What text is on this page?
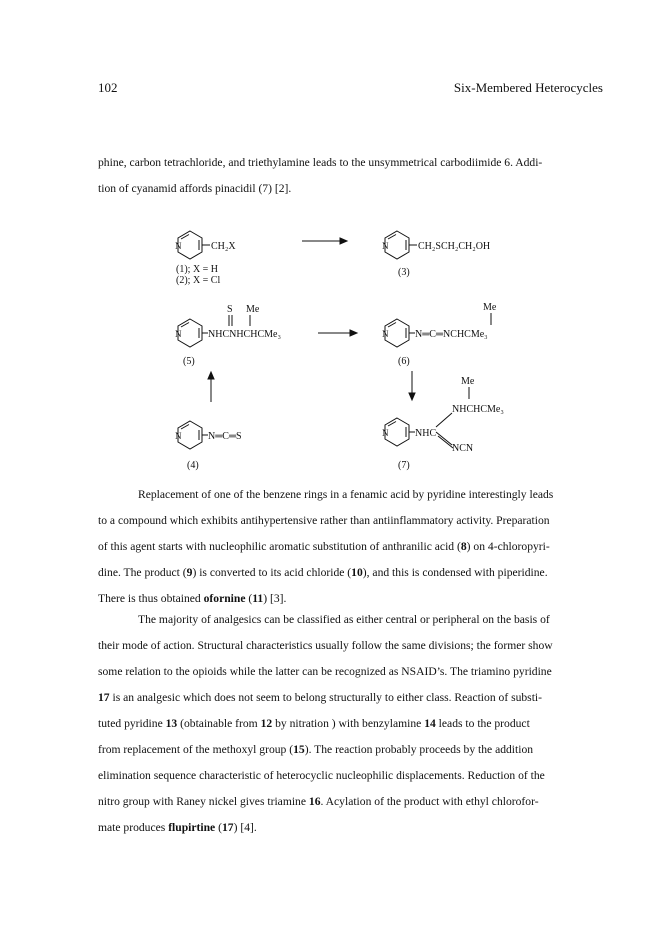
102	Six-Membered Heterocycles

phine, carbon tetrachloride, and triethylamine leads to the unsymmetrical carbodiimide 6. Addi-
tion of cyanamid affords pinacidil (7) [2].

N	CH₂X
(1); X = H
(2); X = Cl
N	CH₂SCH₂CH₂OH
(3)
S Me
N	NHCNHCHCMe₃
(5)
Me
N	N═C═NCHCMe₃
(6)
N	N═C═S
(4)
Me
NHCHCMe₃
N	NHC
NCN
(7)

Replacement of one of the benzene rings in a fenamic acid by pyridine interestingly leads
to a compound which exhibits antihypertensive rather than antiinflammatory activity. Preparation
of this agent starts with nucleophilic aromatic substitution of anthranilic acid (8) on 4-chloropyri-
dine. The product (9) is converted to its acid chloride (10), and this is condensed with piperidine.
There is thus obtained ofornine (11) [3].

The majority of analgesics can be classified as either central or peripheral on the basis of
their mode of action. Structural characteristics usually follow the same divisions; the former show
some relation to the opioids while the latter can be recognized as NSAID’s. The triamino pyridine
17 is an analgesic which does not seem to belong structurally to either class. Reaction of substi-
tuted pyridine 13 (obtainable from 12 by nitration ) with benzylamine 14 leads to the product
from replacement of the methoxyl group (15). The reaction probably proceeds by the addition
elimination sequence characteristic of heterocyclic nucleophilic displacements. Reduction of the
nitro group with Raney nickel gives triamine 16. Acylation of the product with ethyl chlorofor-
mate produces flupirtine (17) [4].
